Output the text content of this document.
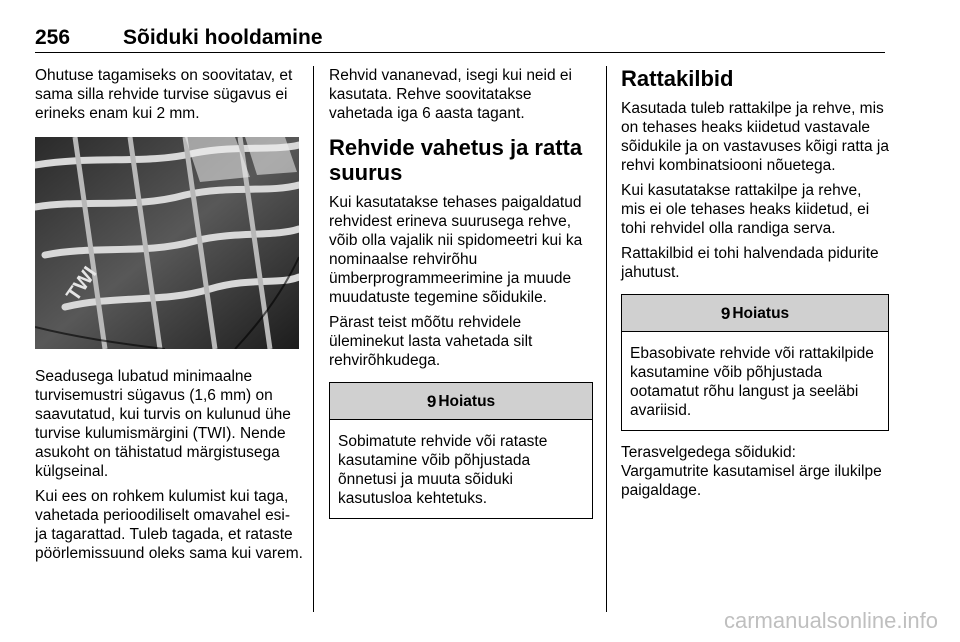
256	Sõiduki hooldamine

Ohutuse tagamiseks on soovitatav, et sama silla rehvide turvise sügavus ei erineks enam kui 2 mm.

TWI

Seadusega lubatud minimaalne turvisemustri sügavus (1,6 mm) on saavutatud, kui turvis on kulunud ühe turvise kulumismärgini (TWI). Nende asukoht on tähistatud märgistusega külgseinal.

Kui ees on rohkem kulumist kui taga, vahetada perioodiliselt omavahel esi- ja tagarattad. Tuleb tagada, et rataste pöörlemissuund oleks sama kui varem.

Rehvid vananevad, isegi kui neid ei kasutata. Rehve soovitatakse vahetada iga 6 aasta tagant.

Rehvide vahetus ja ratta suurus

Kui kasutatakse tehases paigaldatud rehvidest erineva suurusega rehve, võib olla vajalik nii spidomeetri kui ka nominaalse rehvirõhu ümberprogrammeerimine ja muude muudatuste tegemine sõidukile.

Pärast teist mõõtu rehvidele üleminekut lasta vahetada silt rehvirõhkudega.

9 Hoiatus
Sobimatute rehvide või rataste kasutamine võib põhjustada õnnetusi ja muuta sõiduki kasutusloa kehtetuks.
Rattakilbid

Kasutada tuleb rattakilpe ja rehve, mis on tehases heaks kiidetud vastavale sõidukile ja on vastavuses kõigi ratta ja rehvi kombinatsiooni nõuetega.

Kui kasutatakse rattakilpe ja rehve, mis ei ole tehases heaks kiidetud, ei tohi rehvidel olla randiga serva.

Rattakilbid ei tohi halvendada pidurite jahutust.

9 Hoiatus
Ebasobivate rehvide või rattakilpide kasutamine võib põhjustada ootamatut rõhu langust ja seeläbi avariisid.

Terasvelgedega sõidukid:

Vargamutrite kasutamisel ärge ilukilpe paigaldage.

carmanualsonline.info
